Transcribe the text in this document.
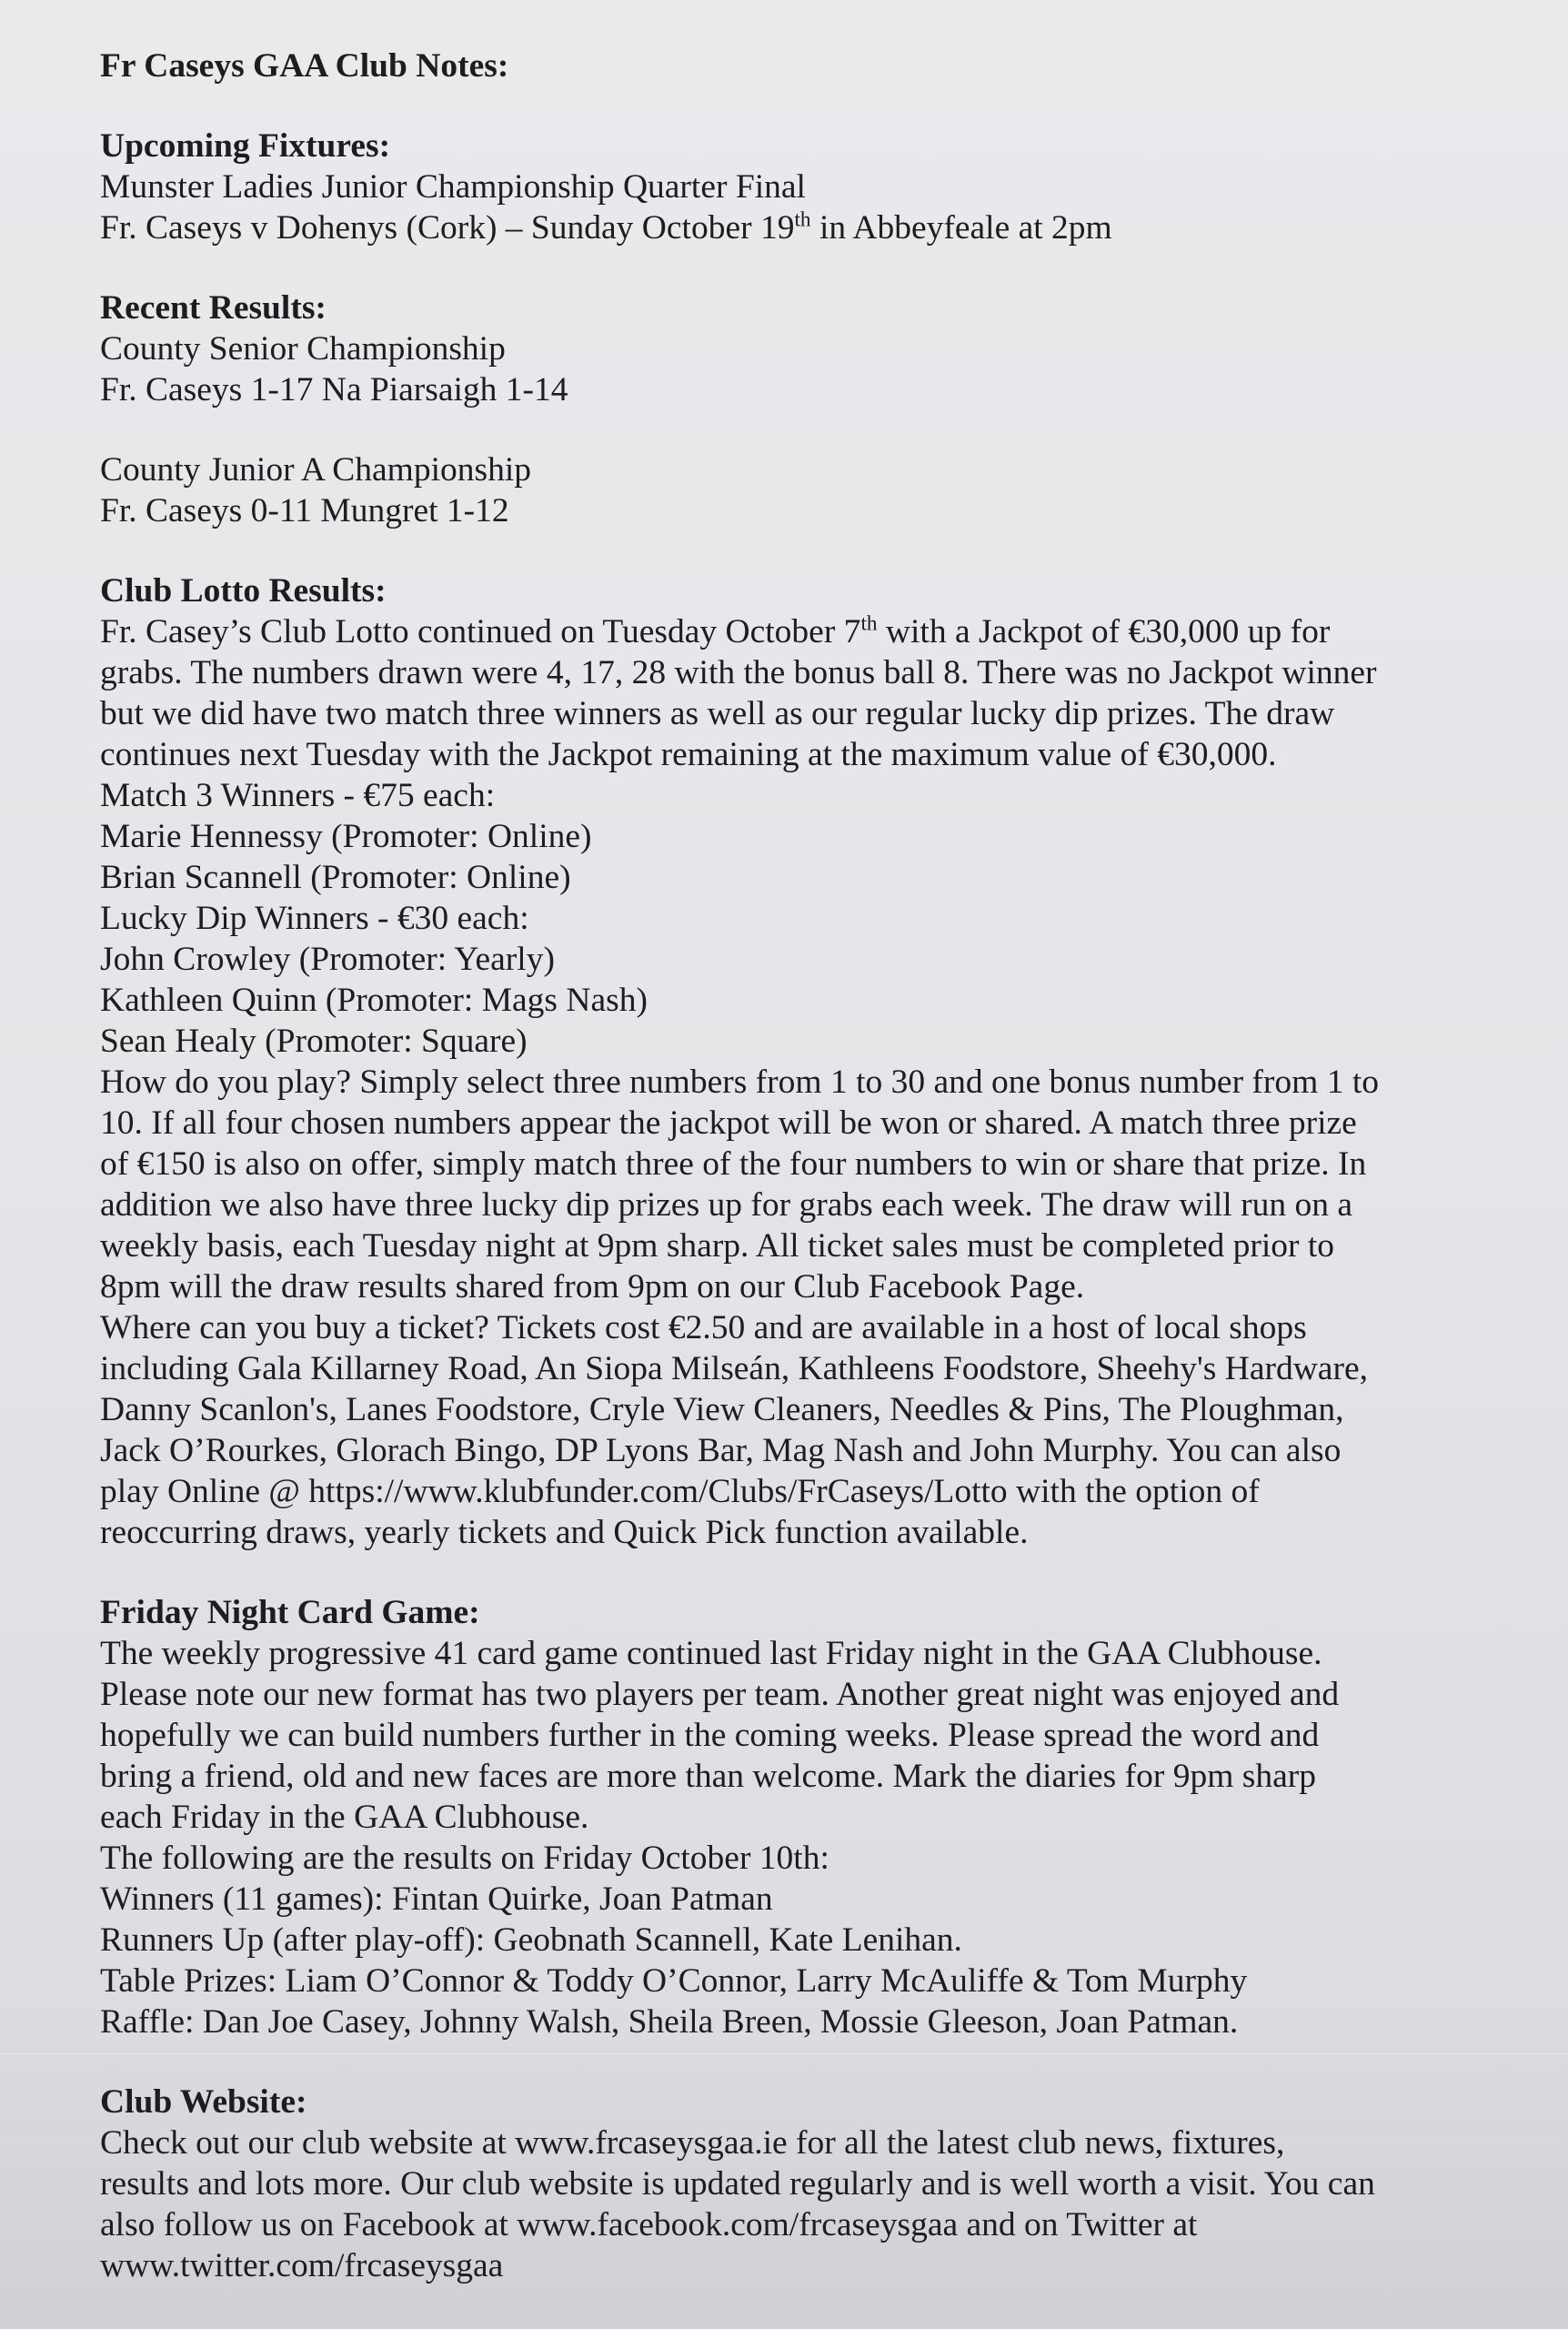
Fr Caseys GAA Club Notes:
Upcoming Fixtures:
Munster Ladies Junior Championship Quarter Final
Fr. Caseys v Dohenys (Cork) – Sunday October 19th in Abbeyfeale at 2pm
Recent Results:
County Senior Championship
Fr. Caseys 1-17 Na Piarsaigh 1-14
County Junior A Championship
Fr. Caseys 0-11 Mungret 1-12
Club Lotto Results:
Fr. Casey’s Club Lotto continued on Tuesday October 7th with a Jackpot of €30,000 up for
grabs. The numbers drawn were 4, 17, 28 with the bonus ball 8. There was no Jackpot winner
but we did have two match three winners as well as our regular lucky dip prizes. The draw
continues next Tuesday with the Jackpot remaining at the maximum value of €30,000.
Match 3 Winners - €75 each:
Marie Hennessy (Promoter: Online)
Brian Scannell (Promoter: Online)
Lucky Dip Winners - €30 each:
John Crowley (Promoter: Yearly)
Kathleen Quinn (Promoter: Mags Nash)
Sean Healy (Promoter: Square)
How do you play? Simply select three numbers from 1 to 30 and one bonus number from 1 to
10. If all four chosen numbers appear the jackpot will be won or shared. A match three prize
of €150 is also on offer, simply match three of the four numbers to win or share that prize. In
addition we also have three lucky dip prizes up for grabs each week. The draw will run on a
weekly basis, each Tuesday night at 9pm sharp. All ticket sales must be completed prior to
8pm will the draw results shared from 9pm on our Club Facebook Page.
Where can you buy a ticket? Tickets cost €2.50 and are available in a host of local shops
including Gala Killarney Road, An Siopa Milseán, Kathleens Foodstore, Sheehy's Hardware,
Danny Scanlon's, Lanes Foodstore, Cryle View Cleaners, Needles & Pins, The Ploughman,
Jack O’Rourkes, Glorach Bingo, DP Lyons Bar, Mag Nash and John Murphy. You can also
play Online @ https://www.klubfunder.com/Clubs/FrCaseys/Lotto with the option of
reoccurring draws, yearly tickets and Quick Pick function available.
Friday Night Card Game:
The weekly progressive 41 card game continued last Friday night in the GAA Clubhouse.
Please note our new format has two players per team. Another great night was enjoyed and
hopefully we can build numbers further in the coming weeks. Please spread the word and
bring a friend, old and new faces are more than welcome. Mark the diaries for 9pm sharp
each Friday in the GAA Clubhouse.
The following are the results on Friday October 10th:
Winners (11 games): Fintan Quirke, Joan Patman
Runners Up (after play-off): Geobnath Scannell, Kate Lenihan.
Table Prizes: Liam O’Connor & Toddy O’Connor, Larry McAuliffe & Tom Murphy
Raffle: Dan Joe Casey, Johnny Walsh, Sheila Breen, Mossie Gleeson, Joan Patman.
Club Website:
Check out our club website at www.frcaseysgaa.ie for all the latest club news, fixtures,
results and lots more. Our club website is updated regularly and is well worth a visit. You can
also follow us on Facebook at www.facebook.com/frcaseysgaa and on Twitter at
www.twitter.com/frcaseysgaa
